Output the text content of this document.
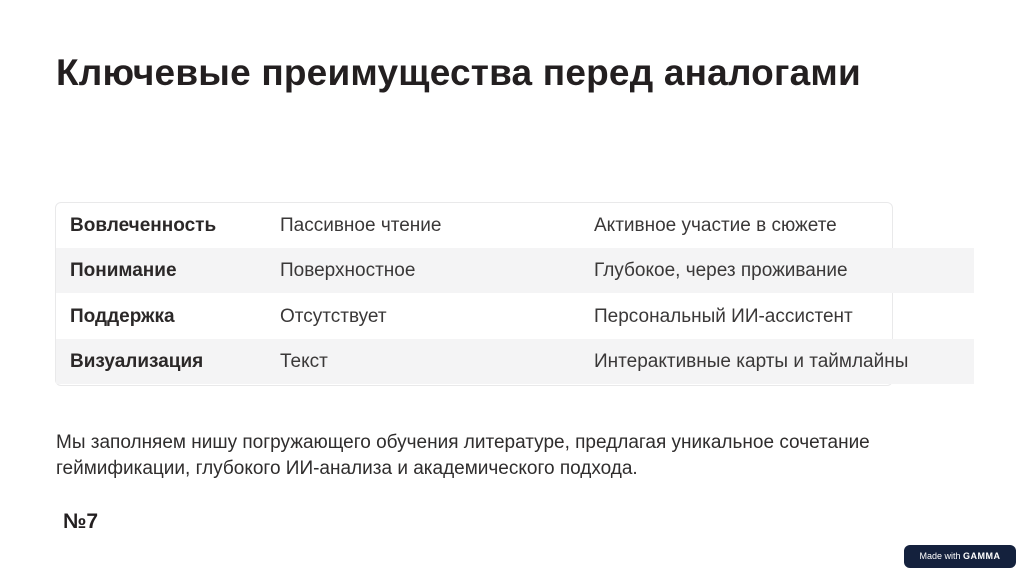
Ключевые преимущества перед аналогами
Вовлеченность	Пассивное чтение	Активное участие в сюжете
Понимание	Поверхностное	Глубокое, через проживание
Поддержка	Отсутствует	Персональный ИИ-ассистент
Визуализация	Текст	Интерактивные карты и таймлайны
Мы заполняем нишу погружающего обучения литературе, предлагая уникальное сочетание геймификации, глубокого ИИ-анализа и академического подхода.
№7
Made with GAMMA
